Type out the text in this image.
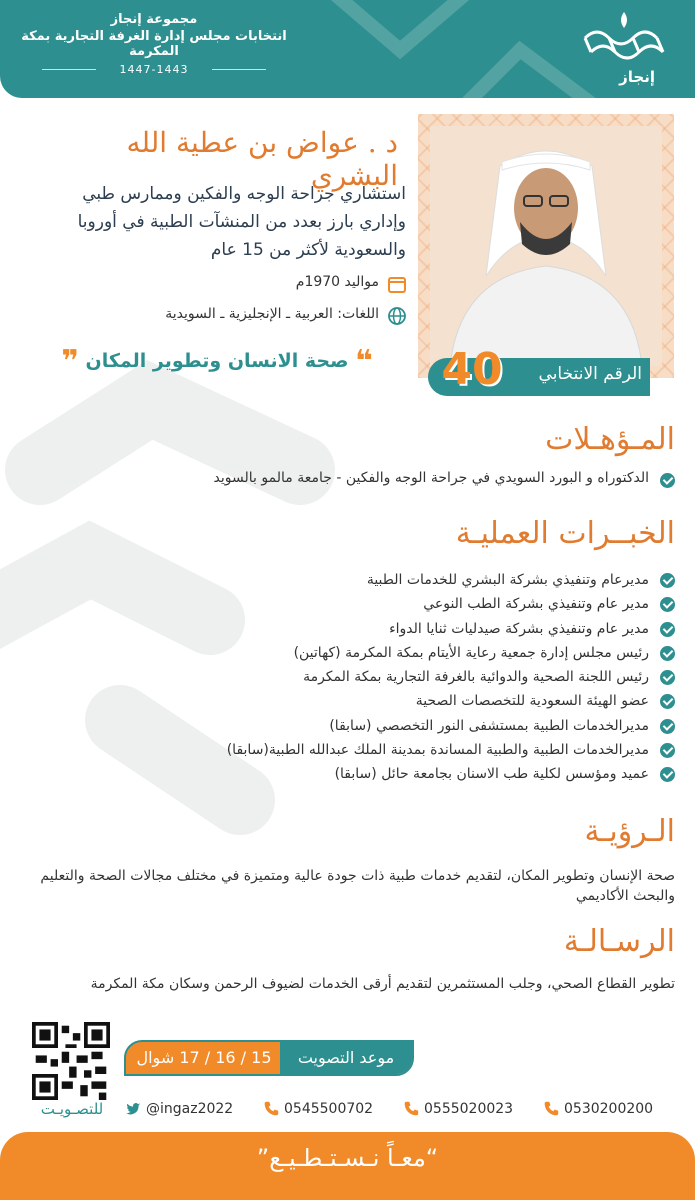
مجموعة إنجاز
انتخابات مجلس إدارة الغرفة التجارية بمكة المكرمة
1447-1443	إنجاز
الرقم الانتخابي
40
د . عواض بن عطية الله البشري
استشاري جراحة الوجه والفكين وممارس طبي وإداري بارز بعدد من المنشآت الطبية في أوروبا والسعودية لأكثر من 15 عام
مواليد 1970م
اللغات: العربية ـ الإنجليزية ـ السويدية
❝ صحة الانسان وتطوير المكان ❞
المـؤهـلات
الدكتوراه و البورد السويدي في جراحة الوجه والفكين - جامعة مالمو بالسويد
الخبــرات العمليـة
مديرعام وتنفيذي بشركة البشري للخدمات الطبية
مدير عام وتنفيذي بشركة الطب النوعي
مدير عام وتنفيذي بشركة صيدليات ثنايا الدواء
رئيس مجلس إدارة جمعية رعاية الأيتام بمكة المكرمة (كهاتين)
رئيس اللجنة الصحية والدوائية بالغرفة التجارية بمكة المكرمة
عضو الهيئة السعودية للتخصصات الصحية
مديرالخدمات الطبية بمستشفى النور التخصصي (سابقا)
مديرالخدمات الطبية والطبية المساندة بمدينة الملك عبدالله الطبية(سابقا)
عميد ومؤسس لكلية طب الاسنان بجامعة حائل (سابقا)
الـرؤيـة
صحة الإنسان وتطوير المكان، لتقديم خدمات طبية ذات جودة عالية ومتميزة في مختلف مجالات الصحة والتعليم والبحث الأكاديمي
الرسـالـة
تطوير القطاع الصحي، وجلب المستثمرين لتقديم أرقى الخدمات لضيوف الرحمن وسكان مكة المكرمة
موعد التصويت
15 / 16 / 17 شوال
للتصـويـت	@ingaz2022	0545500702	0555020023	0530200200
“معـاً نـسـتـطـيـع”
